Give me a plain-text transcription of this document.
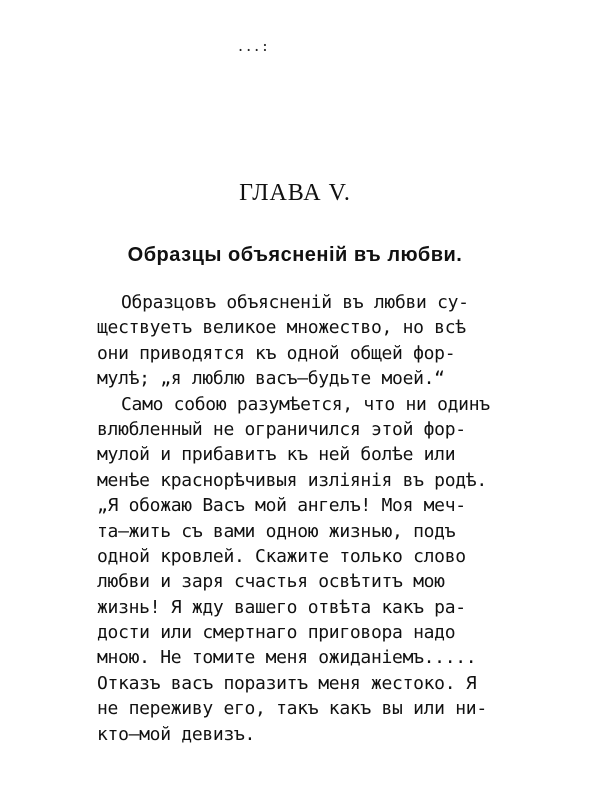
...:
ГЛАВА V.
Образцы объясненій въ любви.
Образцовъ объясненій въ любви су-
ществуетъ великое множество, но всѣ
они приводятся къ одной общей фор-
мулѣ; „я люблю васъ—будьте моей.“
Само собою разумѣется, что ни одинъ
влюбленный не ограничился этой фор-
мулой и прибавитъ къ ней болѣе или
менѣе краснорѣчивыя изліянія въ родѣ.
„Я обожаю Васъ мой ангелъ! Моя меч-
та—жить съ вами одною жизнью, подъ
одной кровлей. Скажите только слово
любви и заря счастья освѣтитъ мою
жизнь! Я жду вашего отвѣта какъ ра-
дости или смертнаго приговора надо
мною. Не томите меня ожиданіемъ.....
Отказъ васъ поразитъ меня жестоко. Я
не переживу его, такъ какъ вы или ни-
кто—мой девизъ.
